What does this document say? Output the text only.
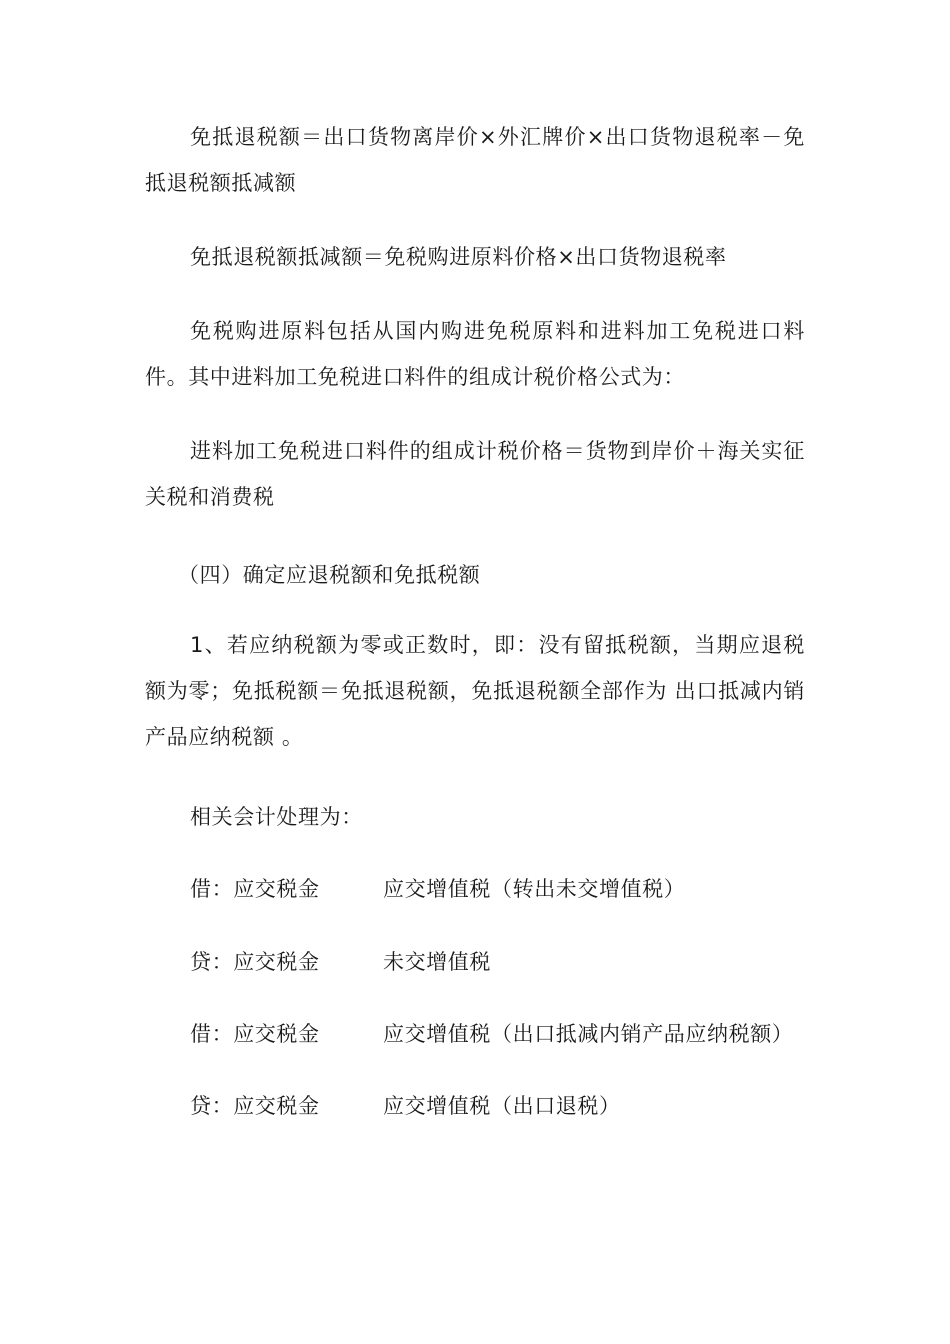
免抵退税额＝出口货物离岸价×外汇牌价×出口货物退税率－免抵退税额抵减额

免抵退税额抵减额＝免税购进原料价格×出口货物退税率

免税购进原料包括从国内购进免税原料和进料加工免税进口料件。其中进料加工免税进口料件的组成计税价格公式为：

进料加工免税进口料件的组成计税价格＝货物到岸价＋海关实征关税和消费税

（四）确定应退税额和免抵税额

1、若应纳税额为零或正数时，即：没有留抵税额，当期应退税额为零；免抵税额＝免抵退税额，免抵退税额全部作为 出口抵减内销产品应纳税额 。

相关会计处理为：
借：应交税金	应交增值税（转出未交增值税）
贷：应交税金	未交增值税
借：应交税金	应交增值税（出口抵减内销产品应纳税额）
贷：应交税金	应交增值税（出口退税）
